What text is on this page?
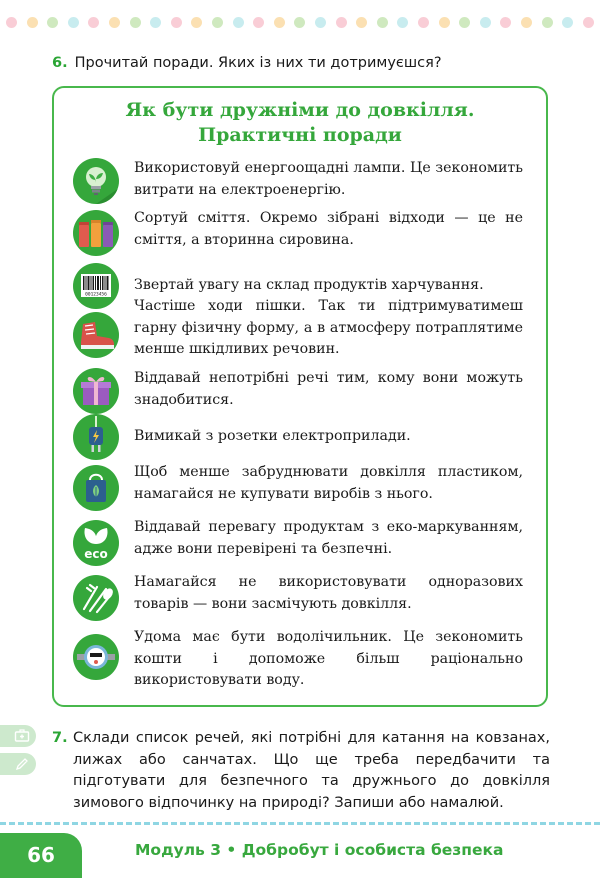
6. Прочитай поради. Яких із них ти дотримуєшся?
Як бути дружніми до довкілля.
Практичні поради
Використовуй енергоощадні лампи. Це зекономить витрати на електроенергію.
Сортуй сміття. Окремо зібрані відходи — це не сміття, а вторинна сировина.
00123456
Звертай увагу на склад продуктів харчування.
Частіше ходи пішки. Так ти підтримуватимеш гарну фізичну форму, а в атмосферу потраплятиме менше шкідливих речовин.
Віддавай непотрібні речі тим, кому вони можуть знадобитися.
Вимикай з розетки електроприлади.
Щоб менше забруднювати довкілля пластиком, намагайся не купувати виробів з нього.
eco
Віддавай перевагу продуктам з еко-маркуванням, адже вони перевірені та безпечні.
Намагайся не використовувати одноразових товарів — вони засмічують довкілля.
Удома має бути водолічильник. Це зекономить кошти і допоможе більш раціонально використовувати воду.
7. Склади список речей, які потрібні для катання на ковзанах, лижах або санчатах. Що ще треба передбачити та підготувати для безпечного та дружнього до довкілля зимового відпочинку на природі? Запиши або намалюй.
66	Модуль 3 • Добробут і особиста безпека
